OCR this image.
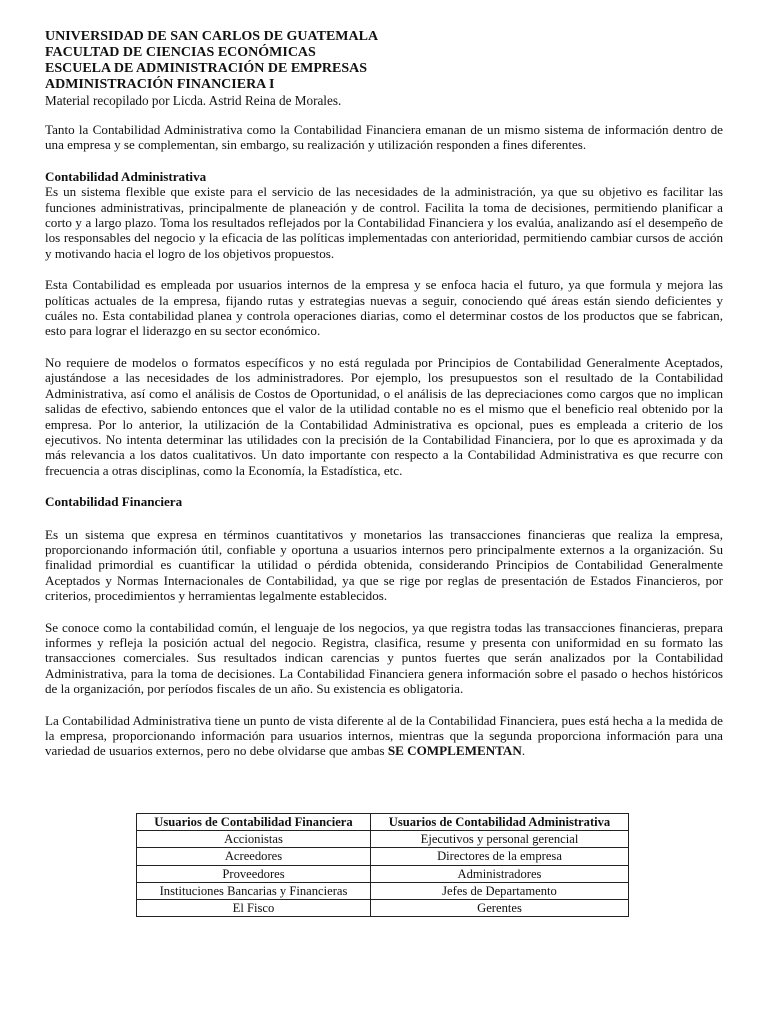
UNIVERSIDAD DE SAN CARLOS DE GUATEMALA
FACULTAD DE CIENCIAS ECONÓMICAS
ESCUELA DE ADMINISTRACIÓN DE EMPRESAS
ADMINISTRACIÓN FINANCIERA I
Material recopilado por Licda. Astrid Reina de Morales.

Tanto la Contabilidad Administrativa como la Contabilidad Financiera emanan de un mismo sistema de información dentro de una empresa y se complementan, sin embargo, su realización y utilización responden a fines diferentes.

Contabilidad Administrativa

Es un sistema flexible que existe para el servicio de las necesidades de la administración, ya que su objetivo es facilitar las funciones administrativas, principalmente de planeación y de control. Facilita la toma de decisiones, permitiendo planificar a corto y a largo plazo. Toma los resultados reflejados por la Contabilidad Financiera y los evalúa, analizando así el desempeño de los responsables del negocio y la eficacia de las políticas implementadas con anterioridad, permitiendo cambiar cursos de acción y motivando hacia el logro de los objetivos propuestos.

Esta Contabilidad es empleada por usuarios internos de la empresa y se enfoca hacia el futuro, ya que formula y mejora las políticas actuales de la empresa, fijando rutas y estrategias nuevas a seguir, conociendo qué áreas están siendo deficientes y cuáles no. Esta contabilidad planea y controla operaciones diarias, como el determinar costos de los productos que se fabrican, esto para lograr el liderazgo en su sector económico.

No requiere de modelos o formatos específicos y no está regulada por Principios de Contabilidad Generalmente Aceptados, ajustándose a las necesidades de los administradores. Por ejemplo, los presupuestos son el resultado de la Contabilidad Administrativa, así como el análisis de Costos de Oportunidad, o el análisis de las depreciaciones como cargos que no implican salidas de efectivo, sabiendo entonces que el valor de la utilidad contable no es el mismo que el beneficio real obtenido por la empresa. Por lo anterior, la utilización de la Contabilidad Administrativa es opcional, pues es empleada a criterio de los ejecutivos. No intenta determinar las utilidades con la precisión de la Contabilidad Financiera, por lo que es aproximada y da más relevancia a los datos cualitativos. Un dato importante con respecto a la Contabilidad Administrativa es que recurre con frecuencia a otras disciplinas, como la Economía, la Estadística, etc.

Contabilidad Financiera

Es un sistema que expresa en términos cuantitativos y monetarios las transacciones financieras que realiza la empresa, proporcionando información útil, confiable y oportuna a usuarios internos pero principalmente externos a la organización. Su finalidad primordial es cuantificar la utilidad o pérdida obtenida, considerando Principios de Contabilidad Generalmente Aceptados y Normas Internacionales de Contabilidad, ya que se rige por reglas de presentación de Estados Financieros, por criterios, procedimientos y herramientas legalmente establecidos.

Se conoce como la contabilidad común, el lenguaje de los negocios, ya que registra todas las transacciones financieras, prepara informes y refleja la posición actual del negocio. Registra, clasifica, resume y presenta con uniformidad en su formato las transacciones comerciales. Sus resultados indican carencias y puntos fuertes que serán analizados por la Contabilidad Administrativa, para la toma de decisiones. La Contabilidad Financiera genera información sobre el pasado o hechos históricos de la organización, por períodos fiscales de un año. Su existencia es obligatoria.

La Contabilidad Administrativa tiene un punto de vista diferente al de la Contabilidad Financiera, pues está hecha a la medida de la empresa, proporcionando información para usuarios internos, mientras que la segunda proporciona información para una variedad de usuarios externos, pero no debe olvidarse que ambas SE COMPLEMENTAN.

Usuarios de Contabilidad Financiera	Usuarios de Contabilidad Administrativa
Accionistas	Ejecutivos y personal gerencial
Acreedores	Directores de la empresa
Proveedores	Administradores
Instituciones Bancarias y Financieras	Jefes de Departamento
El Fisco	Gerentes
